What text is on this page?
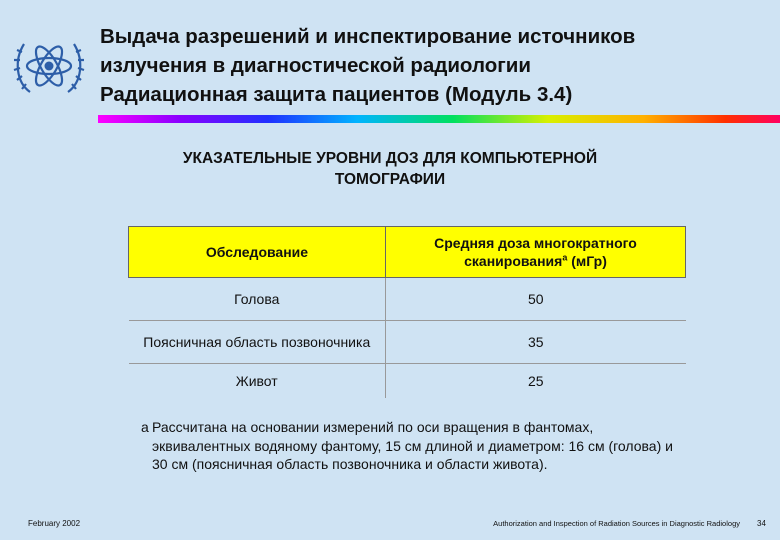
Выдача разрешений и инспектирование источников
излучения в диагностической радиологии
Радиационная защита пациентов (Модуль 3.4)
УКАЗАТЕЛЬНЫЕ УРОВНИ ДОЗ ДЛЯ КОМПЬЮТЕРНОЙ
ТОМОГРАФИИ
Обследование	Средняя доза многократного
сканирования$^a$ (мГр)
Голова	50
Поясничная область позвоночника	35
Живот	25
a Рассчитана на основании измерений по оси вращения в фантомах, эквивалентных водяному фантому, 15 см длиной и диаметром: 16 см (голова) и 30 см (поясничная область позвоночника и области живота).

February 2002	Authorization and Inspection of Radiation Sources in Diagnostic Radiology 34
